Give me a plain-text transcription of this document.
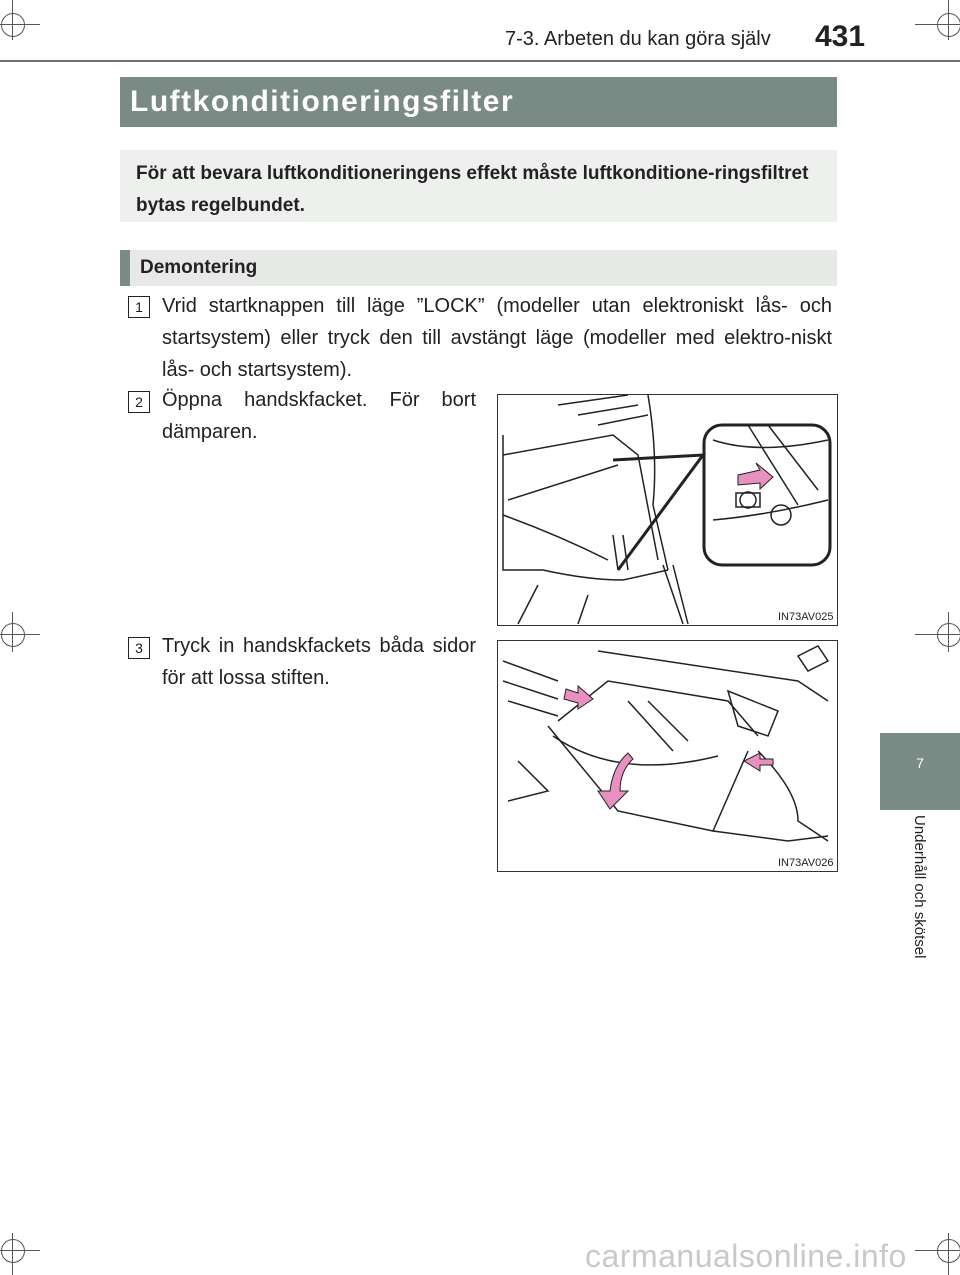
7-3. Arbeten du kan göra själv 431
Luftkonditioneringsfilter
För att bevara luftkonditioneringens effekt måste luftkonditione-ringsfiltret bytas regelbundet.
Demontering
1 Vrid startknappen till läge ”LOCK” (modeller utan elektroniskt lås- och startsystem) eller tryck den till avstängt läge (modeller med elektro-niskt lås- och startsystem).
2 Öppna handskfacket. För bort dämparen.
IN73AV025
3 Tryck in handskfackets båda sidor för att lossa stiften.
IN73AV026
7
Underhåll och skötsel
carmanualsonline.info
